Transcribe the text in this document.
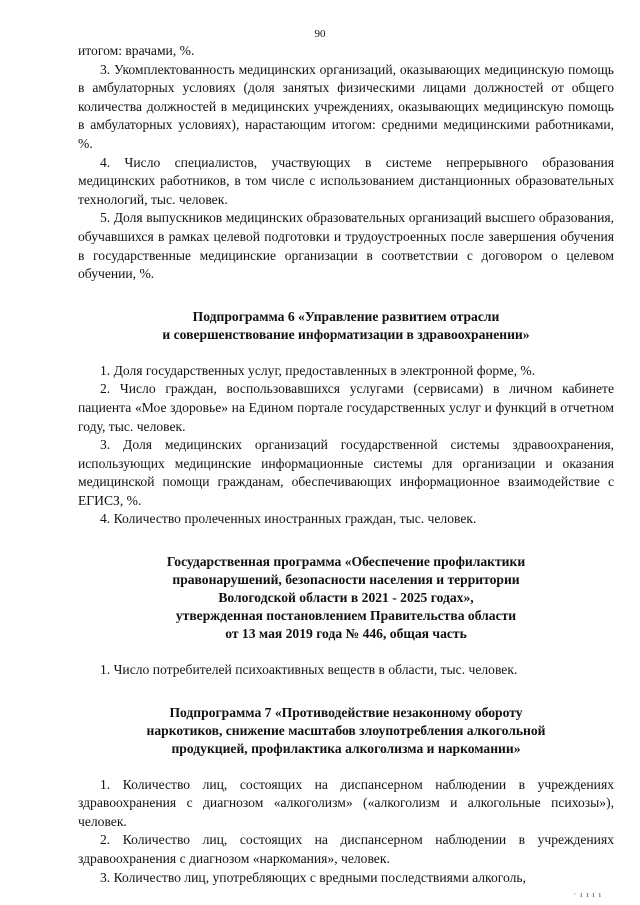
90

итогом: врачами, %.

3. Укомплектованность медицинских организаций, оказывающих медицинскую помощь в амбулаторных условиях (доля занятых физическими лицами должностей от общего количества должностей в медицинских учреждениях, оказывающих медицинскую помощь в амбулаторных условиях), нарастающим итогом: средними медицинскими работниками, %.

4. Число специалистов, участвующих в системе непрерывного образования медицинских работников, в том числе с использованием дистанционных образовательных технологий, тыс. человек.

5. Доля выпускников медицинских образовательных организаций высшего образования, обучавшихся в рамках целевой подготовки и трудоустроенных после завершения обучения в государственные медицинские организации в соответствии с договором о целевом обучении, %.

Подпрограмма 6 «Управление развитием отрасли
и совершенствование информатизации в здравоохранении»

1. Доля государственных услуг, предоставленных в электронной форме, %.

2. Число граждан, воспользовавшихся услугами (сервисами) в личном кабинете пациента «Мое здоровье» на Едином портале государственных услуг и функций в отчетном году, тыс. человек.

3. Доля медицинских организаций государственной системы здравоохранения, использующих медицинские информационные системы для организации и оказания медицинской помощи гражданам, обеспечивающих информационное взаимодействие с ЕГИСЗ, %.

4. Количество пролеченных иностранных граждан, тыс. человек.

Государственная программа «Обеспечение профилактики
правонарушений, безопасности населения и территории
Вологодской области в 2021 - 2025 годах»,
утвержденная постановлением Правительства области
от 13 мая 2019 года № 446, общая часть

1. Число потребителей психоактивных веществ в области, тыс. человек.

Подпрограмма 7 «Противодействие незаконному обороту
наркотиков, снижение масштабов злоупотребления алкогольной
продукцией, профилактика алкоголизма и наркомании»

1. Количество лиц, состоящих на диспансерном наблюдении в учреждениях здравоохранения с диагнозом «алкоголизм» («алкоголизм и алкогольные психозы»), человек.

2. Количество лиц, состоящих на диспансерном наблюдении в учреждениях здравоохранения с диагнозом «наркомания», человек.

3. Количество лиц, употребляющих с вредными последствиями алкоголь,

· ı ı ı ı
